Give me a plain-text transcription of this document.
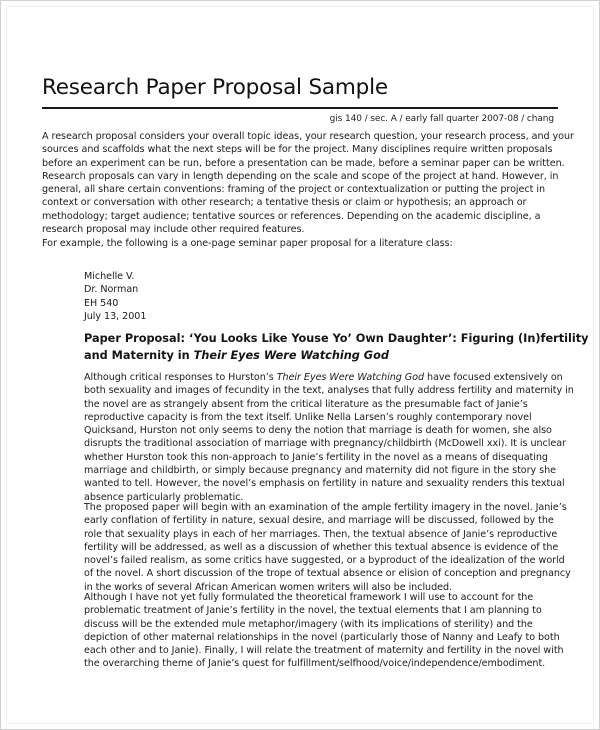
Research Paper Proposal Sample
gis 140 / sec. A / early fall quarter 2007-08 / chang
A research proposal considers your overall topic ideas, your research question, your research process, and your
sources and scaffolds what the next steps will be for the project. Many disciplines require written proposals
before an experiment can be run, before a presentation can be made, before a seminar paper can be written.
Research proposals can vary in length depending on the scale and scope of the project at hand. However, in
general, all share certain conventions: framing of the project or contextualization or putting the project in
context or conversation with other research; a tentative thesis or claim or hypothesis; an approach or
methodology; target audience; tentative sources or references. Depending on the academic discipline, a
research proposal may include other required features.
For example, the following is a one-page seminar paper proposal for a literature class:
Michelle V.
Dr. Norman
EH 540
July 13, 2001
Paper Proposal: ‘You Looks Like Youse Yo’ Own Daughter’: Figuring (In)fertility
and Maternity in Their Eyes Were Watching God
Although critical responses to Hurston’s Their Eyes Were Watching God have focused extensively on
both sexuality and images of fecundity in the text, analyses that fully address fertility and maternity in
the novel are as strangely absent from the critical literature as the presumable fact of Janie’s
reproductive capacity is from the text itself. Unlike Nella Larsen’s roughly contemporary novel
Quicksand, Hurston not only seems to deny the notion that marriage is death for women, she also
disrupts the traditional association of marriage with pregnancy/childbirth (McDowell xxi). It is unclear
whether Hurston took this non-approach to Janie’s fertility in the novel as a means of disequating
marriage and childbirth, or simply because pregnancy and maternity did not figure in the story she
wanted to tell. However, the novel’s emphasis on fertility in nature and sexuality renders this textual
absence particularly problematic.
The proposed paper will begin with an examination of the ample fertility imagery in the novel. Janie’s
early conflation of fertility in nature, sexual desire, and marriage will be discussed, followed by the
role that sexuality plays in each of her marriages. Then, the textual absence of Janie’s reproductive
fertility will be addressed, as well as a discussion of whether this textual absence is evidence of the
novel’s failed realism, as some critics have suggested, or a byproduct of the idealization of the world
of the novel. A short discussion of the trope of textual absence or elision of conception and pregnancy
in the works of several African American women writers will also be included.
Although I have not yet fully formulated the theoretical framework I will use to account for the
problematic treatment of Janie’s fertility in the novel, the textual elements that I am planning to
discuss will be the extended mule metaphor/imagery (with its implications of sterility) and the
depiction of other maternal relationships in the novel (particularly those of Nanny and Leafy to both
each other and to Janie). Finally, I will relate the treatment of maternity and fertility in the novel with
the overarching theme of Janie’s quest for fulfillment/selfhood/voice/independence/embodiment.
